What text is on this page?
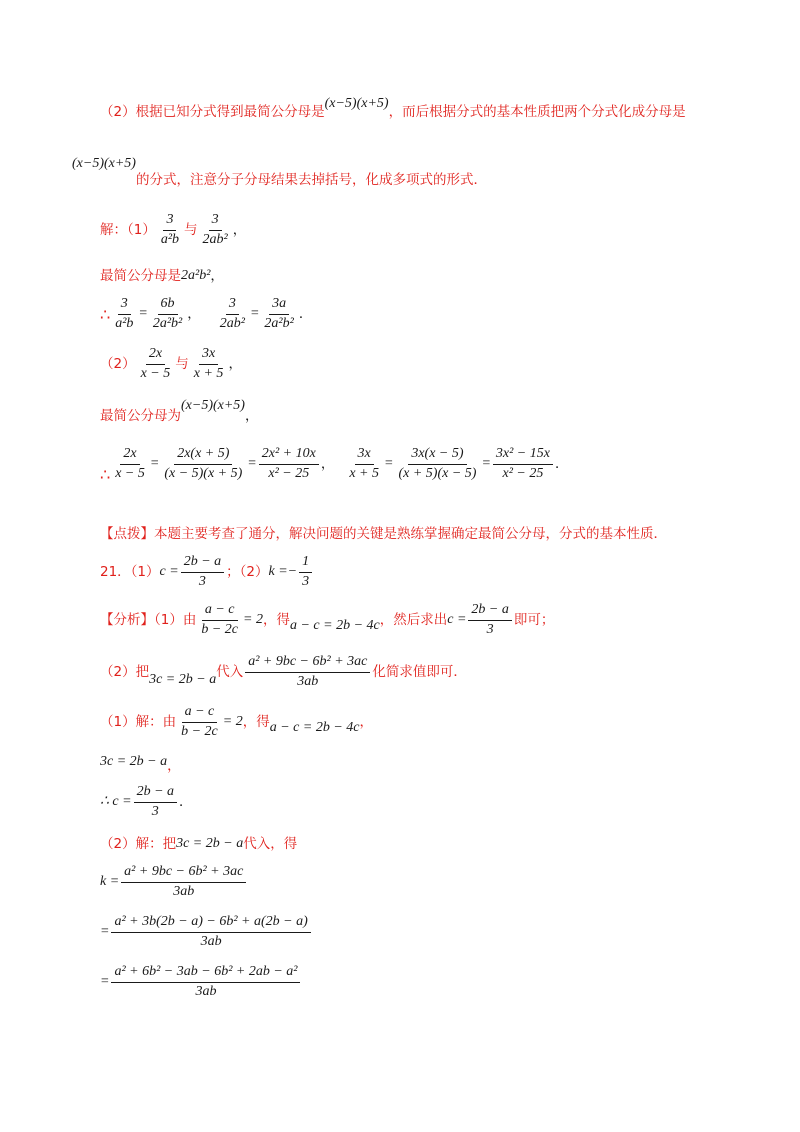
（2）根据已知分式得到最简公分母是
(x−5)(x+5)
，而后根据分式的基本性质把两个分式化成分母是
(x−5)(x+5)
的分式，注意分子分母结果去掉括号，化成多项式的形式．
解：$(1) \frac{3}{\text{a²b}}$ 与 $\frac{3}{\text{2ab²}}$ ，
最简公分母是 2a²b² ，
∴ $\frac{3}{\text{a²b}} = \frac{6b}{\text{2a²b²}}$ ， $\frac{3}{\text{2ab²}} = \frac{3a}{\text{2a²b²}}$ ．
$(2) \frac{2x}{x - 5}$ 与 $\frac{3x}{x + 5}$ ，
最简公分母为
(x−5)(x+5)
，
∴ $\frac{2x}{x - 5} = \frac{2x(x + 5)}{(x - 5)(x + 5)} = \frac{\text{2x² + 10x}}{\text{x² − 25}}$ ， $\frac{3x}{x + 5} = \frac{3x(x - 5)}{(x + 5)(x - 5)} = \frac{\text{3x² − 15x}}{\text{x² − 25}}$ ．
【点拨】本题主要考查了通分，解决问题的关键是熟练掌握确定最简公分母，分式的基本性质．
21．（1） $c = \frac{2b - a}{3}$ ；（2） k = − $\frac{1}{3}$
【分析】（1）由 $\frac{a - c}{b - 2c} = 2$ ，得 a − c = 2b − 4c ，然后求出 $c = \frac{2b - a}{3}$ 即可；
（2）把 3c = 2b − a 代入 $\frac{\text{a² + 9bc − 6b² + 3ac}}{3ab}$ 化简求值即可．
（1）解：由 $\frac{a - c}{b - 2c} = 2$ ，得 a − c = 2b − 4c ，
3c = 2b − a ，
∴ $c = \frac{2b - a}{3}$ ．
（2）解：把 3c = 2b − a 代入，得
$k = \frac{\text{a² + 9bc − 6b² + 3ac}}{3ab}$
= $\frac{\text{a² + 3b(2b − a) − 6b² + a(2b − a)}}{3ab}$
= $\frac{\text{a² + 6b² − 3ab − 6b² + 2ab − a²}}{3ab}$
